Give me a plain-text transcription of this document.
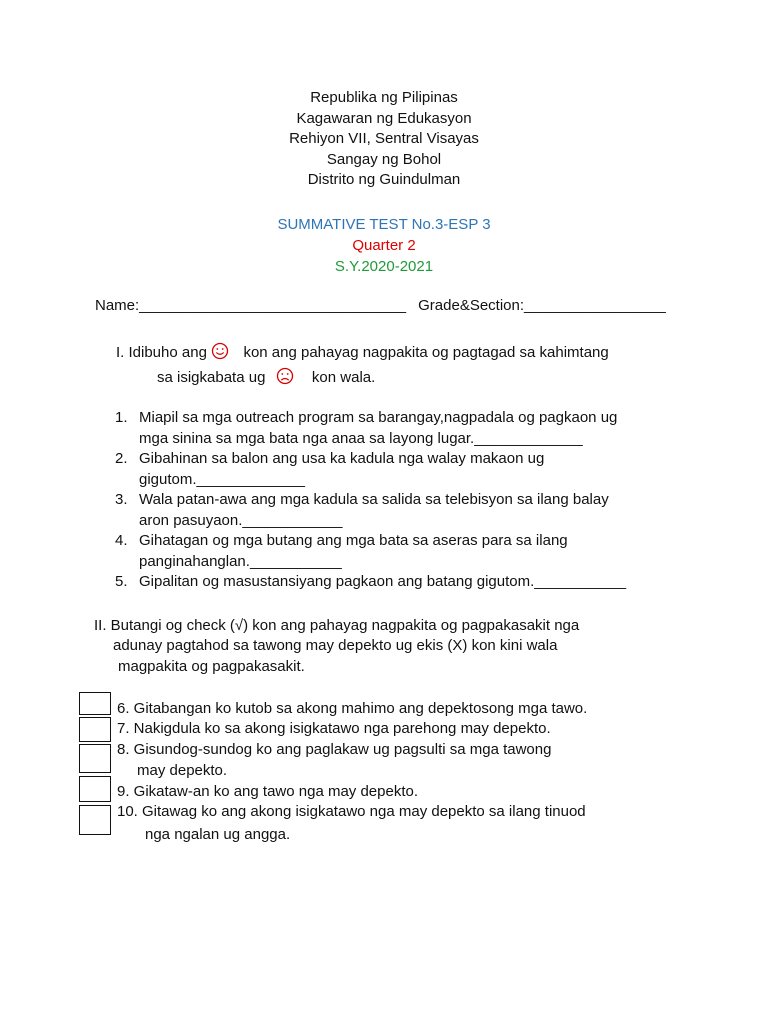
Republika ng Pilipinas
Kagawaran ng Edukasyon
Rehiyon VII, Sentral Visayas
Sangay ng Bohol
Distrito ng Guindulman
SUMMATIVE TEST No.3-ESP 3
Quarter 2
S.Y.2020-2021
Name:________________________________ Grade&Section:_________________
I. Idibuho ang kon ang pahayag nagpakita og pagtagad sa kahimtang
sa isigkabata ug	kon wala.
1. Miapil sa mga outreach program sa barangay,nagpadala og pagkaon ug
mga sinina sa mga bata nga anaa sa layong lugar._____________
2. Gibahinan sa balon ang usa ka kadula nga walay makaon ug
gigutom._____________
3. Wala patan-awa ang mga kadula sa salida sa telebisyon sa ilang balay
aron pasuyaon.____________
4. Gihatagan og mga butang ang mga bata sa aseras para sa ilang
panginahanglan.___________
5. Gipalitan og masustansiyang pagkaon ang batang gigutom.___________
II. Butangi og check (√) kon ang pahayag nagpakita og pagpakasakit nga
adunay pagtahod sa tawong may depekto ug ekis (X) kon kini wala
magpakita og pagpakasakit.
6. Gitabangan ko kutob sa akong mahimo ang depektosong mga tawo.
7. Nakigdula ko sa akong isigkatawo nga parehong may depekto.
8. Gisundog-sundog ko ang paglakaw ug pagsulti sa mga tawong
may depekto.
9. Gikataw-an ko ang tawo nga may depekto.
10. Gitawag ko ang akong isigkatawo nga may depekto sa ilang tinuod
nga ngalan ug angga.
